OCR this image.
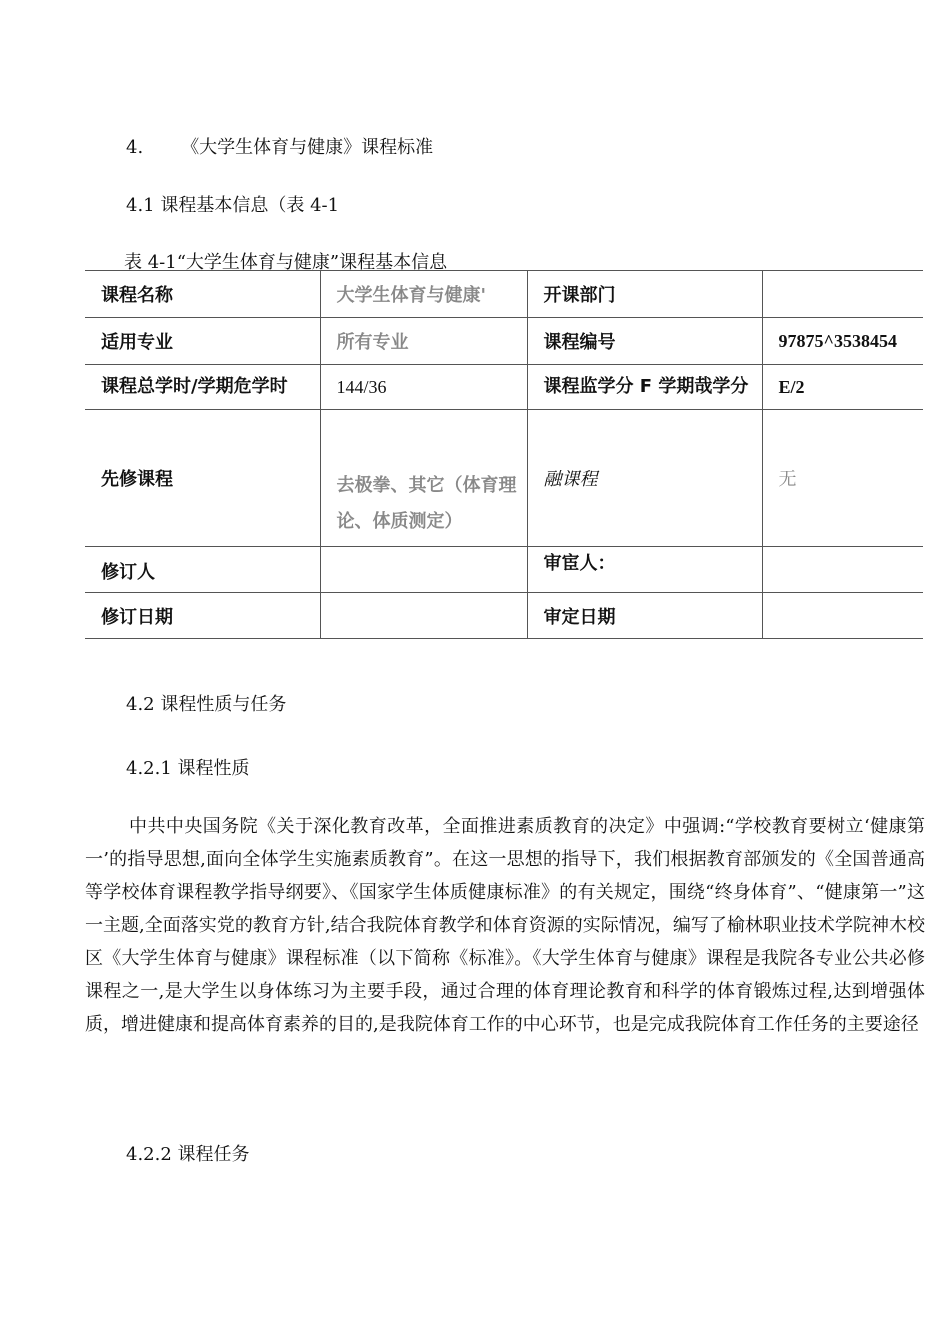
4. 《大学生体育与健康》课程标准
4.1 课程基本信息（表 4-1
表 4-1“大学生体育与健康”课程基本信息
课程名称	大学生体育与健康'	开课部门	
适用专业	所有专业	课程编号	97875^3538454
课程总学时/学期危学时	144/36	课程监学分 F 学期哉学分	E/2
先修课程	去极拳、其它（体育理论、体质测定）	融课程	无
修订人		审宦人：	
修订日期		审定日期	
4.2 课程性质与任务
4.2.1 课程性质

中共中央国务院《关于深化教育改革，全面推进素质教育的决定》中强调:“学校教育要树立‘健康第一’的指导思想,面向全体学生实施素质教育”。在这一思想的指导下，我们根据教育部颁发的《全国普通高等学校体育课程教学指导纲要》、《国家学生体质健康标准》的有关规定，围绕“终身体育”、“健康第一”这一主题,全面落实党的教育方针,结合我院体育教学和体育资源的实际情况，编写了榆林职业技术学院神木校区《大学生体育与健康》课程标准（以下简称《标准》。《大学生体育与健康》课程是我院各专业公共必修课程之一,是大学生以身体练习为主要手段，通过合理的体育理论教育和科学的体育锻炼过程,达到增强体质，增进健康和提高体育素养的目的,是我院体育工作的中心环节，也是完成我院体育工作任务的主要途径

4.2.2 课程任务
